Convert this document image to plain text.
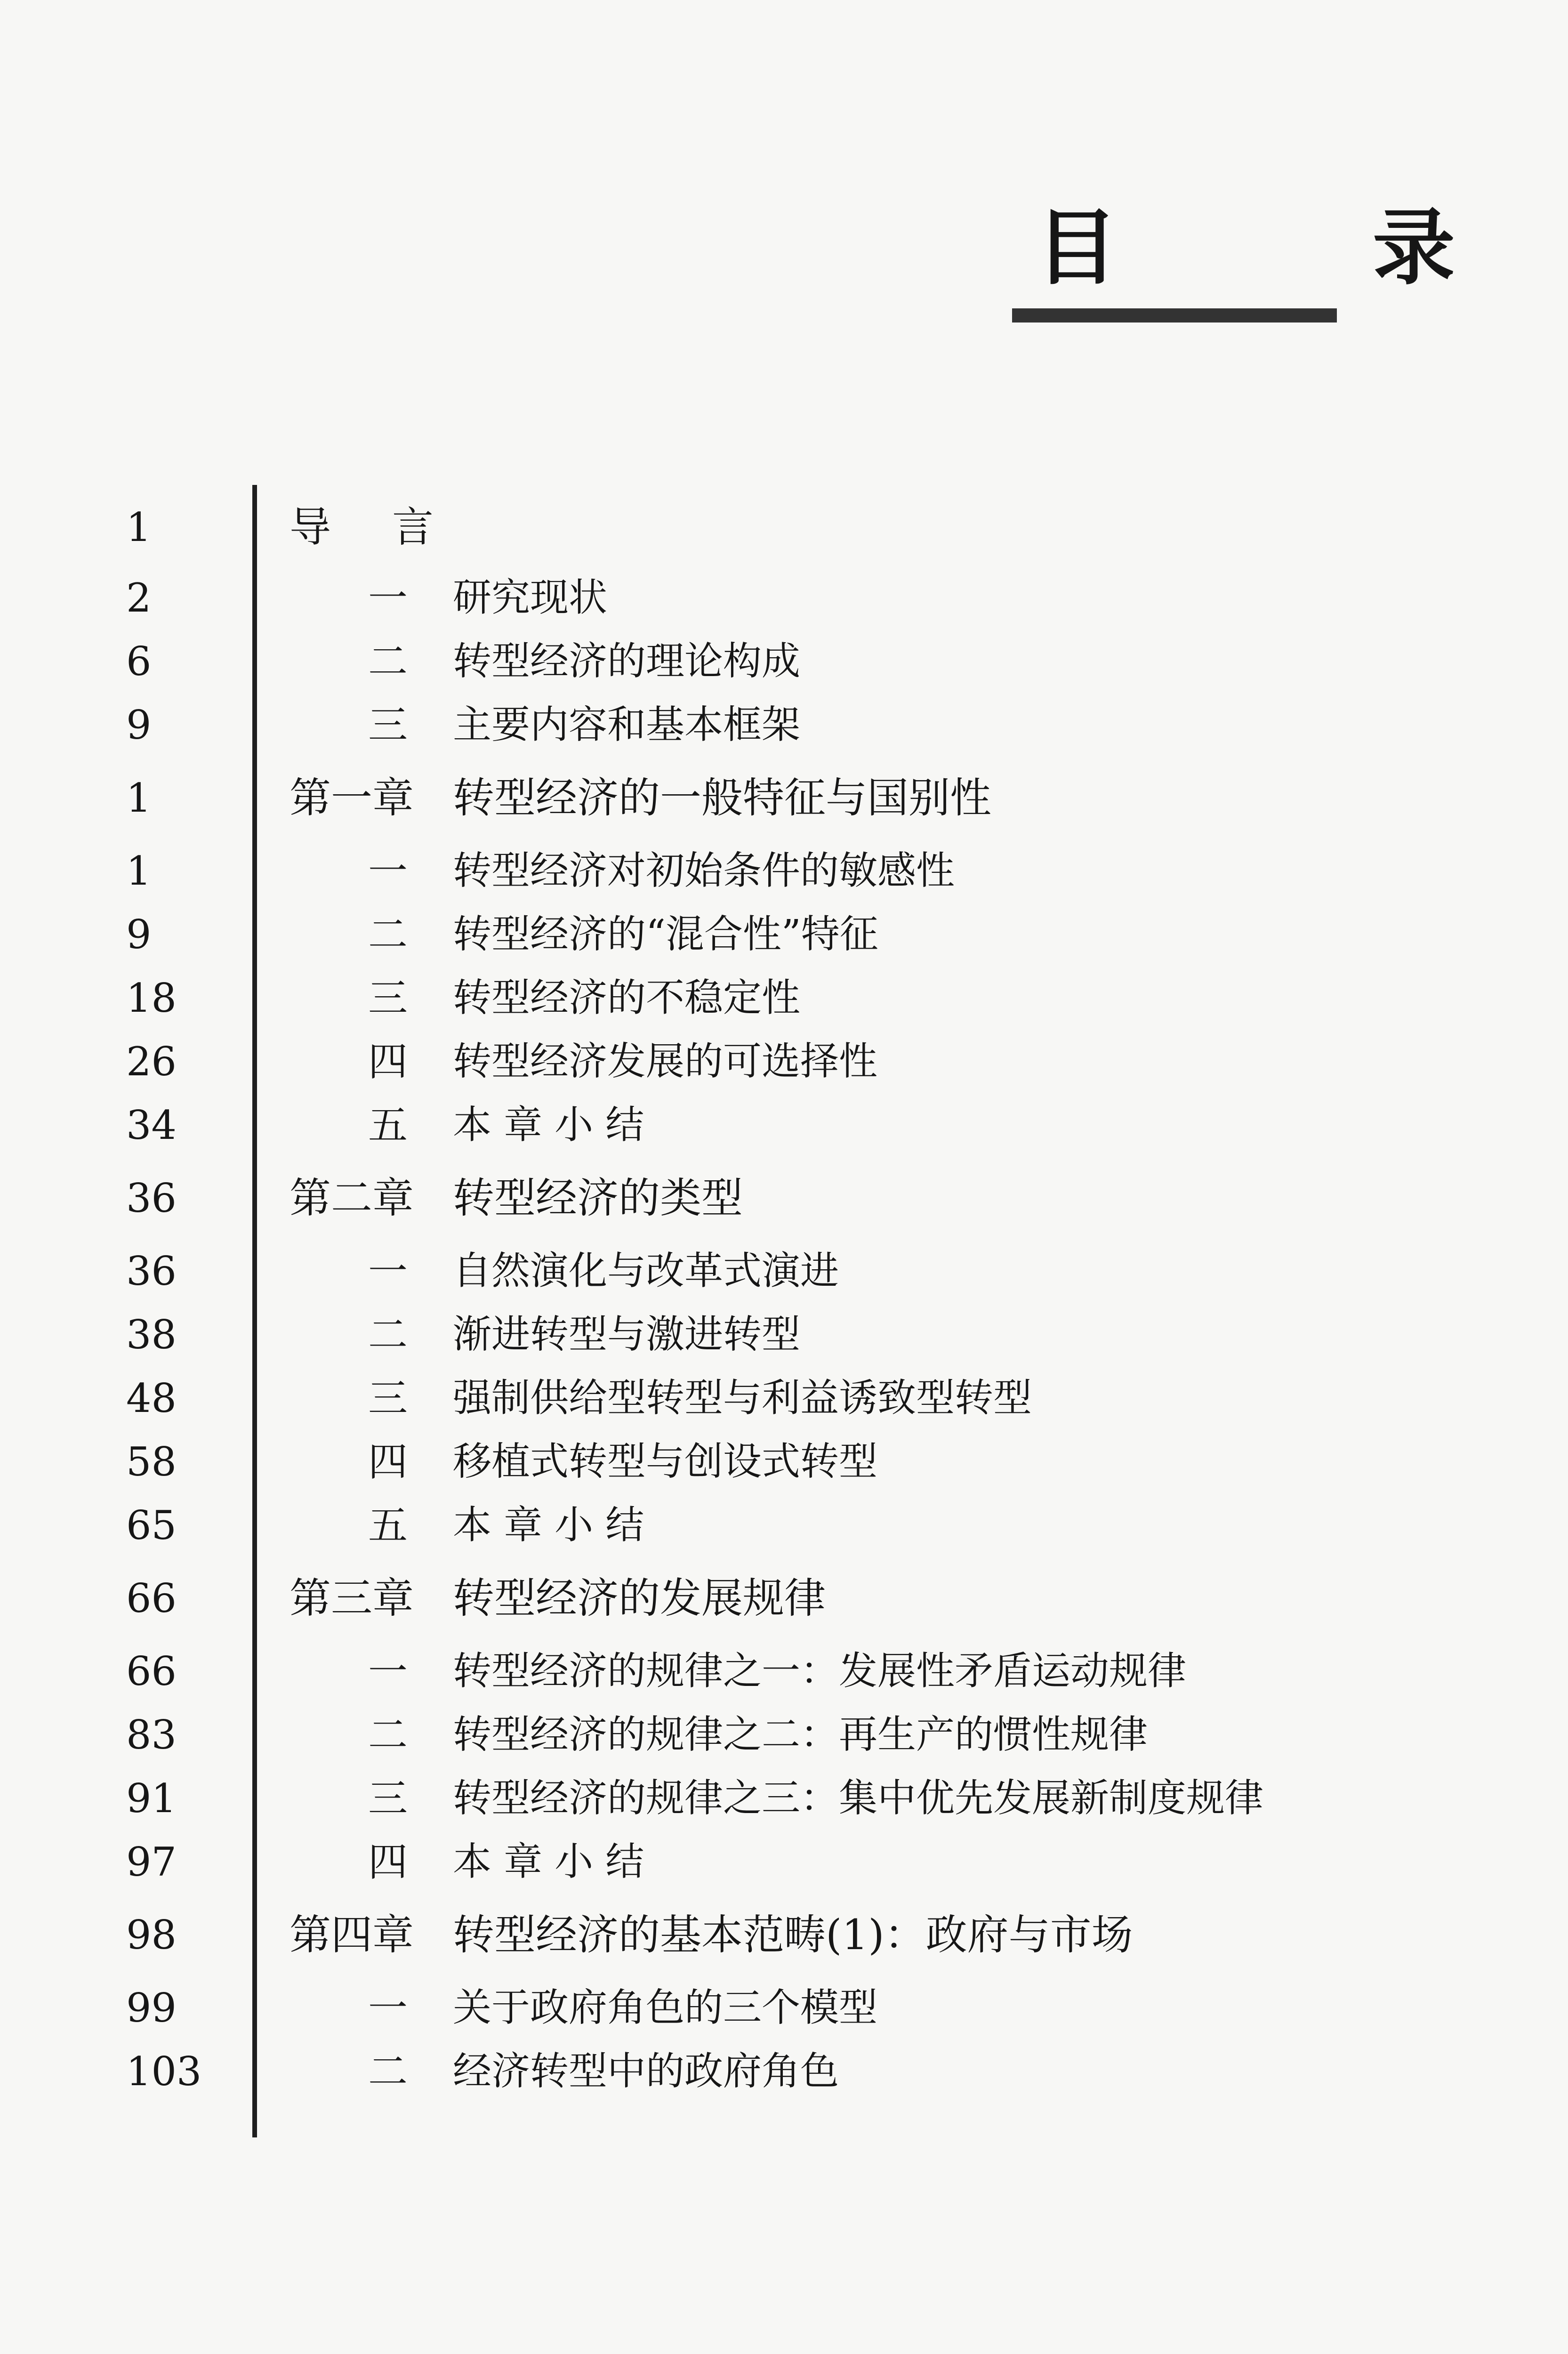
目 录
1	导言
2	一 研究现状
6	二 转型经济的理论构成
9	三 主要内容和基本框架
1	第一章 转型经济的一般特征与国别性
1	一 转型经济对初始条件的敏感性
9	二 转型经济的“混合性”特征
18	三 转型经济的不稳定性
26	四 转型经济发展的可选择性
34	五 本 章 小 结
36	第二章 转型经济的类型
36	一 自然演化与改革式演进
38	二 渐进转型与激进转型
48	三 强制供给型转型与利益诱致型转型
58	四 移植式转型与创设式转型
65	五 本 章 小 结
66	第三章 转型经济的发展规律
66	一 转型经济的规律之一：发展性矛盾运动规律
83	二 转型经济的规律之二：再生产的惯性规律
91	三 转型经济的规律之三：集中优先发展新制度规律
97	四 本 章 小 结
98	第四章 转型经济的基本范畴(1)：政府与市场
99	一 关于政府角色的三个模型
103	二 经济转型中的政府角色
